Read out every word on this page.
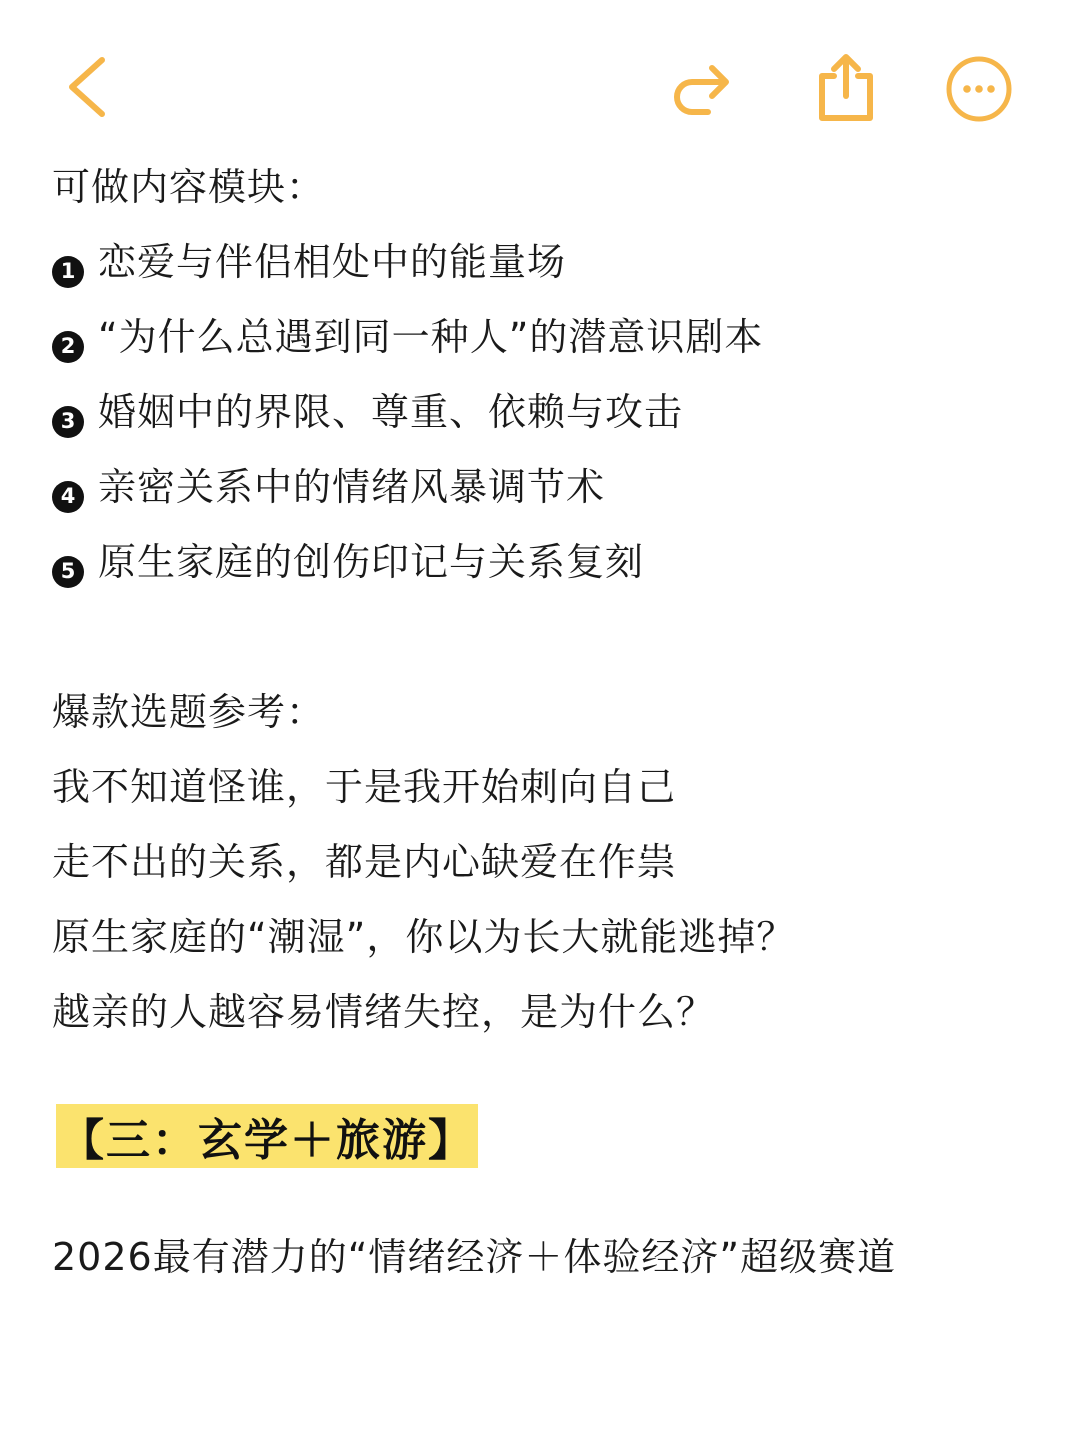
可做内容模块：
1 恋爱与伴侣相处中的能量场
2 “为什么总遇到同一种人”的潜意识剧本
3 婚姻中的界限、尊重、依赖与攻击
4 亲密关系中的情绪风暴调节术
5 原生家庭的创伤印记与关系复刻
爆款选题参考：
我不知道怪谁，于是我开始刺向自己
走不出的关系，都是内心缺爱在作祟
原生家庭的“潮湿”，你以为长大就能逃掉？
越亲的人越容易情绪失控，是为什么？
【三：玄学＋旅游】
2026最有潜力的“情绪经济＋体验经济”超级赛道
